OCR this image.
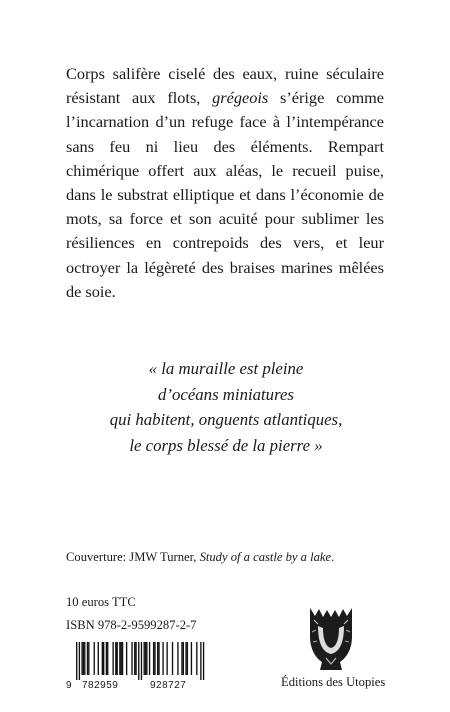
Corps salifère ciselé des eaux, ruine séculaire résistant aux flots, grégeois s’érige comme l’incarnation d’un refuge face à l’intempérance sans feu ni lieu des éléments. Rempart chimérique offert aux aléas, le recueil puise, dans le substrat elliptique et dans l’économie de mots, sa force et son acuité pour sublimer les résiliences en contrepoids des vers, et leur octroyer la légèreté des braises marines mêlées de soie.
« la muraille est pleine
d’océans miniatures
qui habitent, onguents atlantiques,
le corps blessé de la pierre »
Couverture: JMW Turner, Study of a castle by a lake.
10 euros TTC
ISBN 978-2-9599287-2-7
9 782959	928727	Éditions des Utopies
